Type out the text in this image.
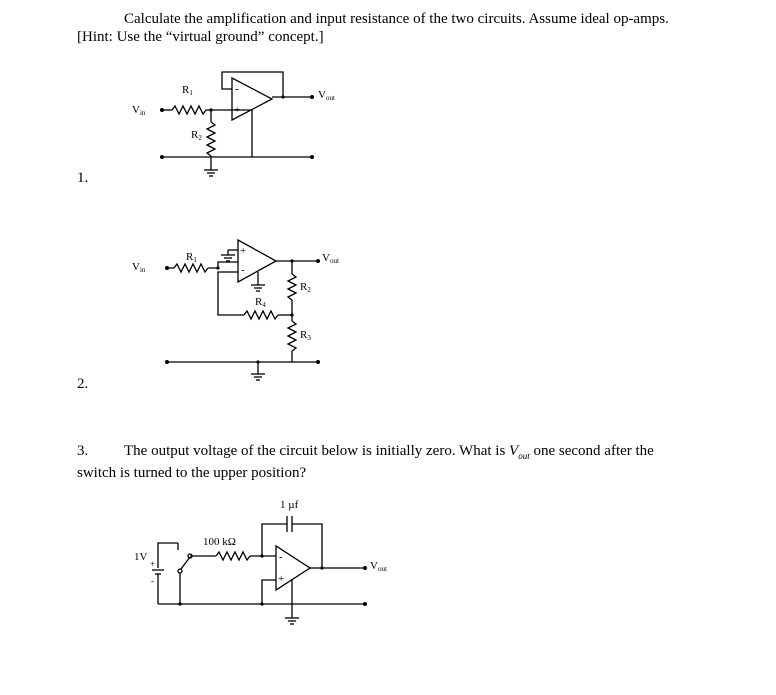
Calculate the amplification and input resistance of the two circuits. Assume ideal op-amps.
[Hint: Use the “virtual ground” concept.]
1.
2.
3. The output voltage of the circuit below is initially zero. What is $V_{out}$ one second after the
switch is turned to the upper position?
Vin
R1
R2
-
+
Vout
Vin
R1
+
-
Vout
R2
R3
R4
1 µf
100 kΩ
-
+
Vout
1V
+
-
